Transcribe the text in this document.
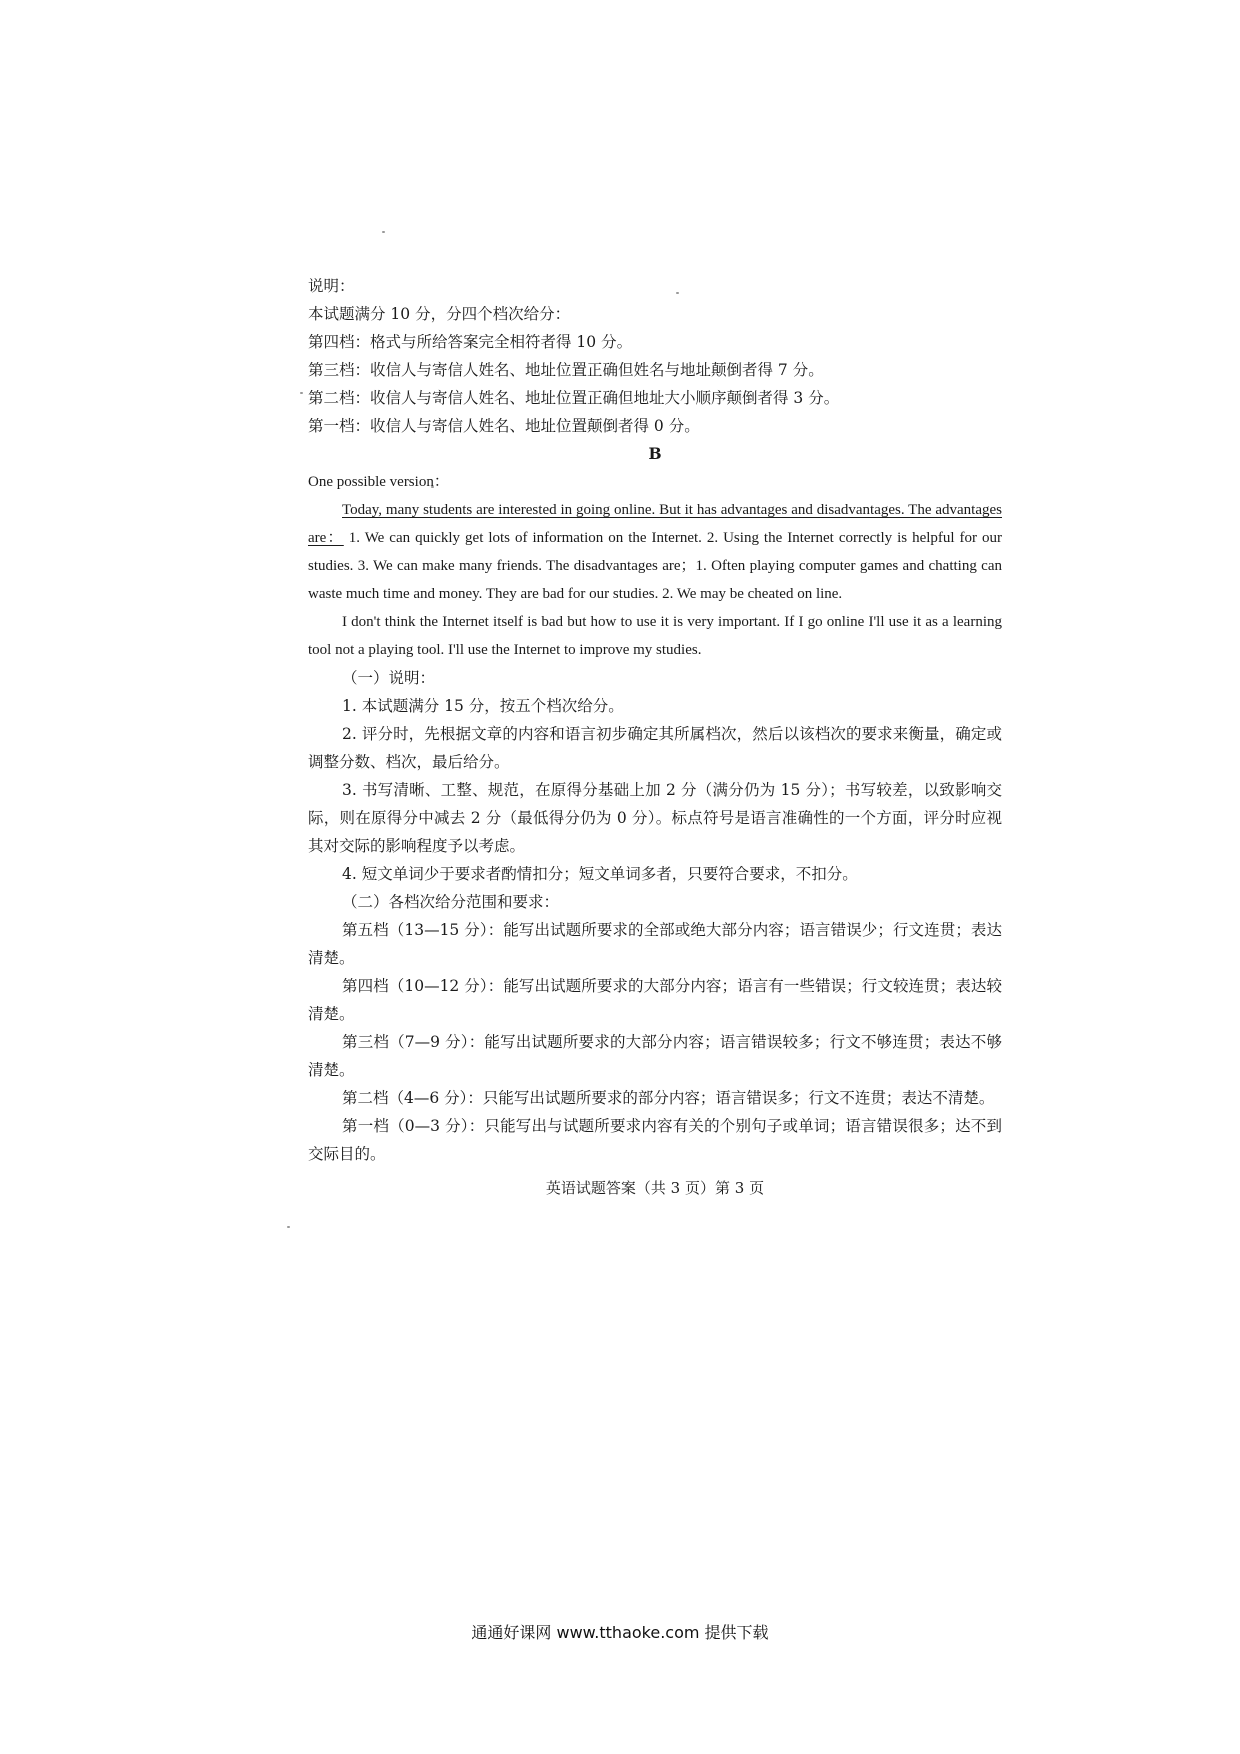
说明：

本试题满分 10 分，分四个档次给分：

第四档：格式与所给答案完全相符者得 10 分。

第三档：收信人与寄信人姓名、地址位置正确但姓名与地址颠倒者得 7 分。

第二档：收信人与寄信人姓名、地址位置正确但地址大小顺序颠倒者得 3 分。

第一档：收信人与寄信人姓名、地址位置颠倒者得 0 分。

B

One possible version：

Today, many students are interested in going online. But it has advantages and disadvantages. The advantages are： 1. We can quickly get lots of information on the Internet. 2. Using the Internet correctly is helpful for our studies. 3. We can make many friends. The disadvantages are；1. Often playing computer games and chatting can waste much time and money. They are bad for our studies. 2. We may be cheated on line.

I don't think the Internet itself is bad but how to use it is very important. If I go online I'll use it as a learning tool not a playing tool. I'll use the Internet to improve my studies.

（一）说明：

1. 本试题满分 15 分，按五个档次给分。

2. 评分时，先根据文章的内容和语言初步确定其所属档次，然后以该档次的要求来衡量，确定或调整分数、档次，最后给分。

3. 书写清晰、工整、规范，在原得分基础上加 2 分（满分仍为 15 分）；书写较差，以致影响交际，则在原得分中减去 2 分（最低得分仍为 0 分）。标点符号是语言准确性的一个方面，评分时应视其对交际的影响程度予以考虑。

4. 短文单词少于要求者酌情扣分；短文单词多者，只要符合要求，不扣分。

（二）各档次给分范围和要求：

第五档（13—15 分）：能写出试题所要求的全部或绝大部分内容；语言错误少；行文连贯；表达清楚。

第四档（10—12 分）：能写出试题所要求的大部分内容；语言有一些错误；行文较连贯；表达较清楚。

第三档（7—9 分）：能写出试题所要求的大部分内容；语言错误较多；行文不够连贯；表达不够清楚。

第二档（4—6 分）：只能写出试题所要求的部分内容；语言错误多；行文不连贯；表达不清楚。

第一档（0—3 分）：只能写出与试题所要求内容有关的个别句子或单词；语言错误很多；达不到交际目的。

英语试题答案（共 3 页）第 3 页

通通好课网 www.tthaoke.com 提供下载
